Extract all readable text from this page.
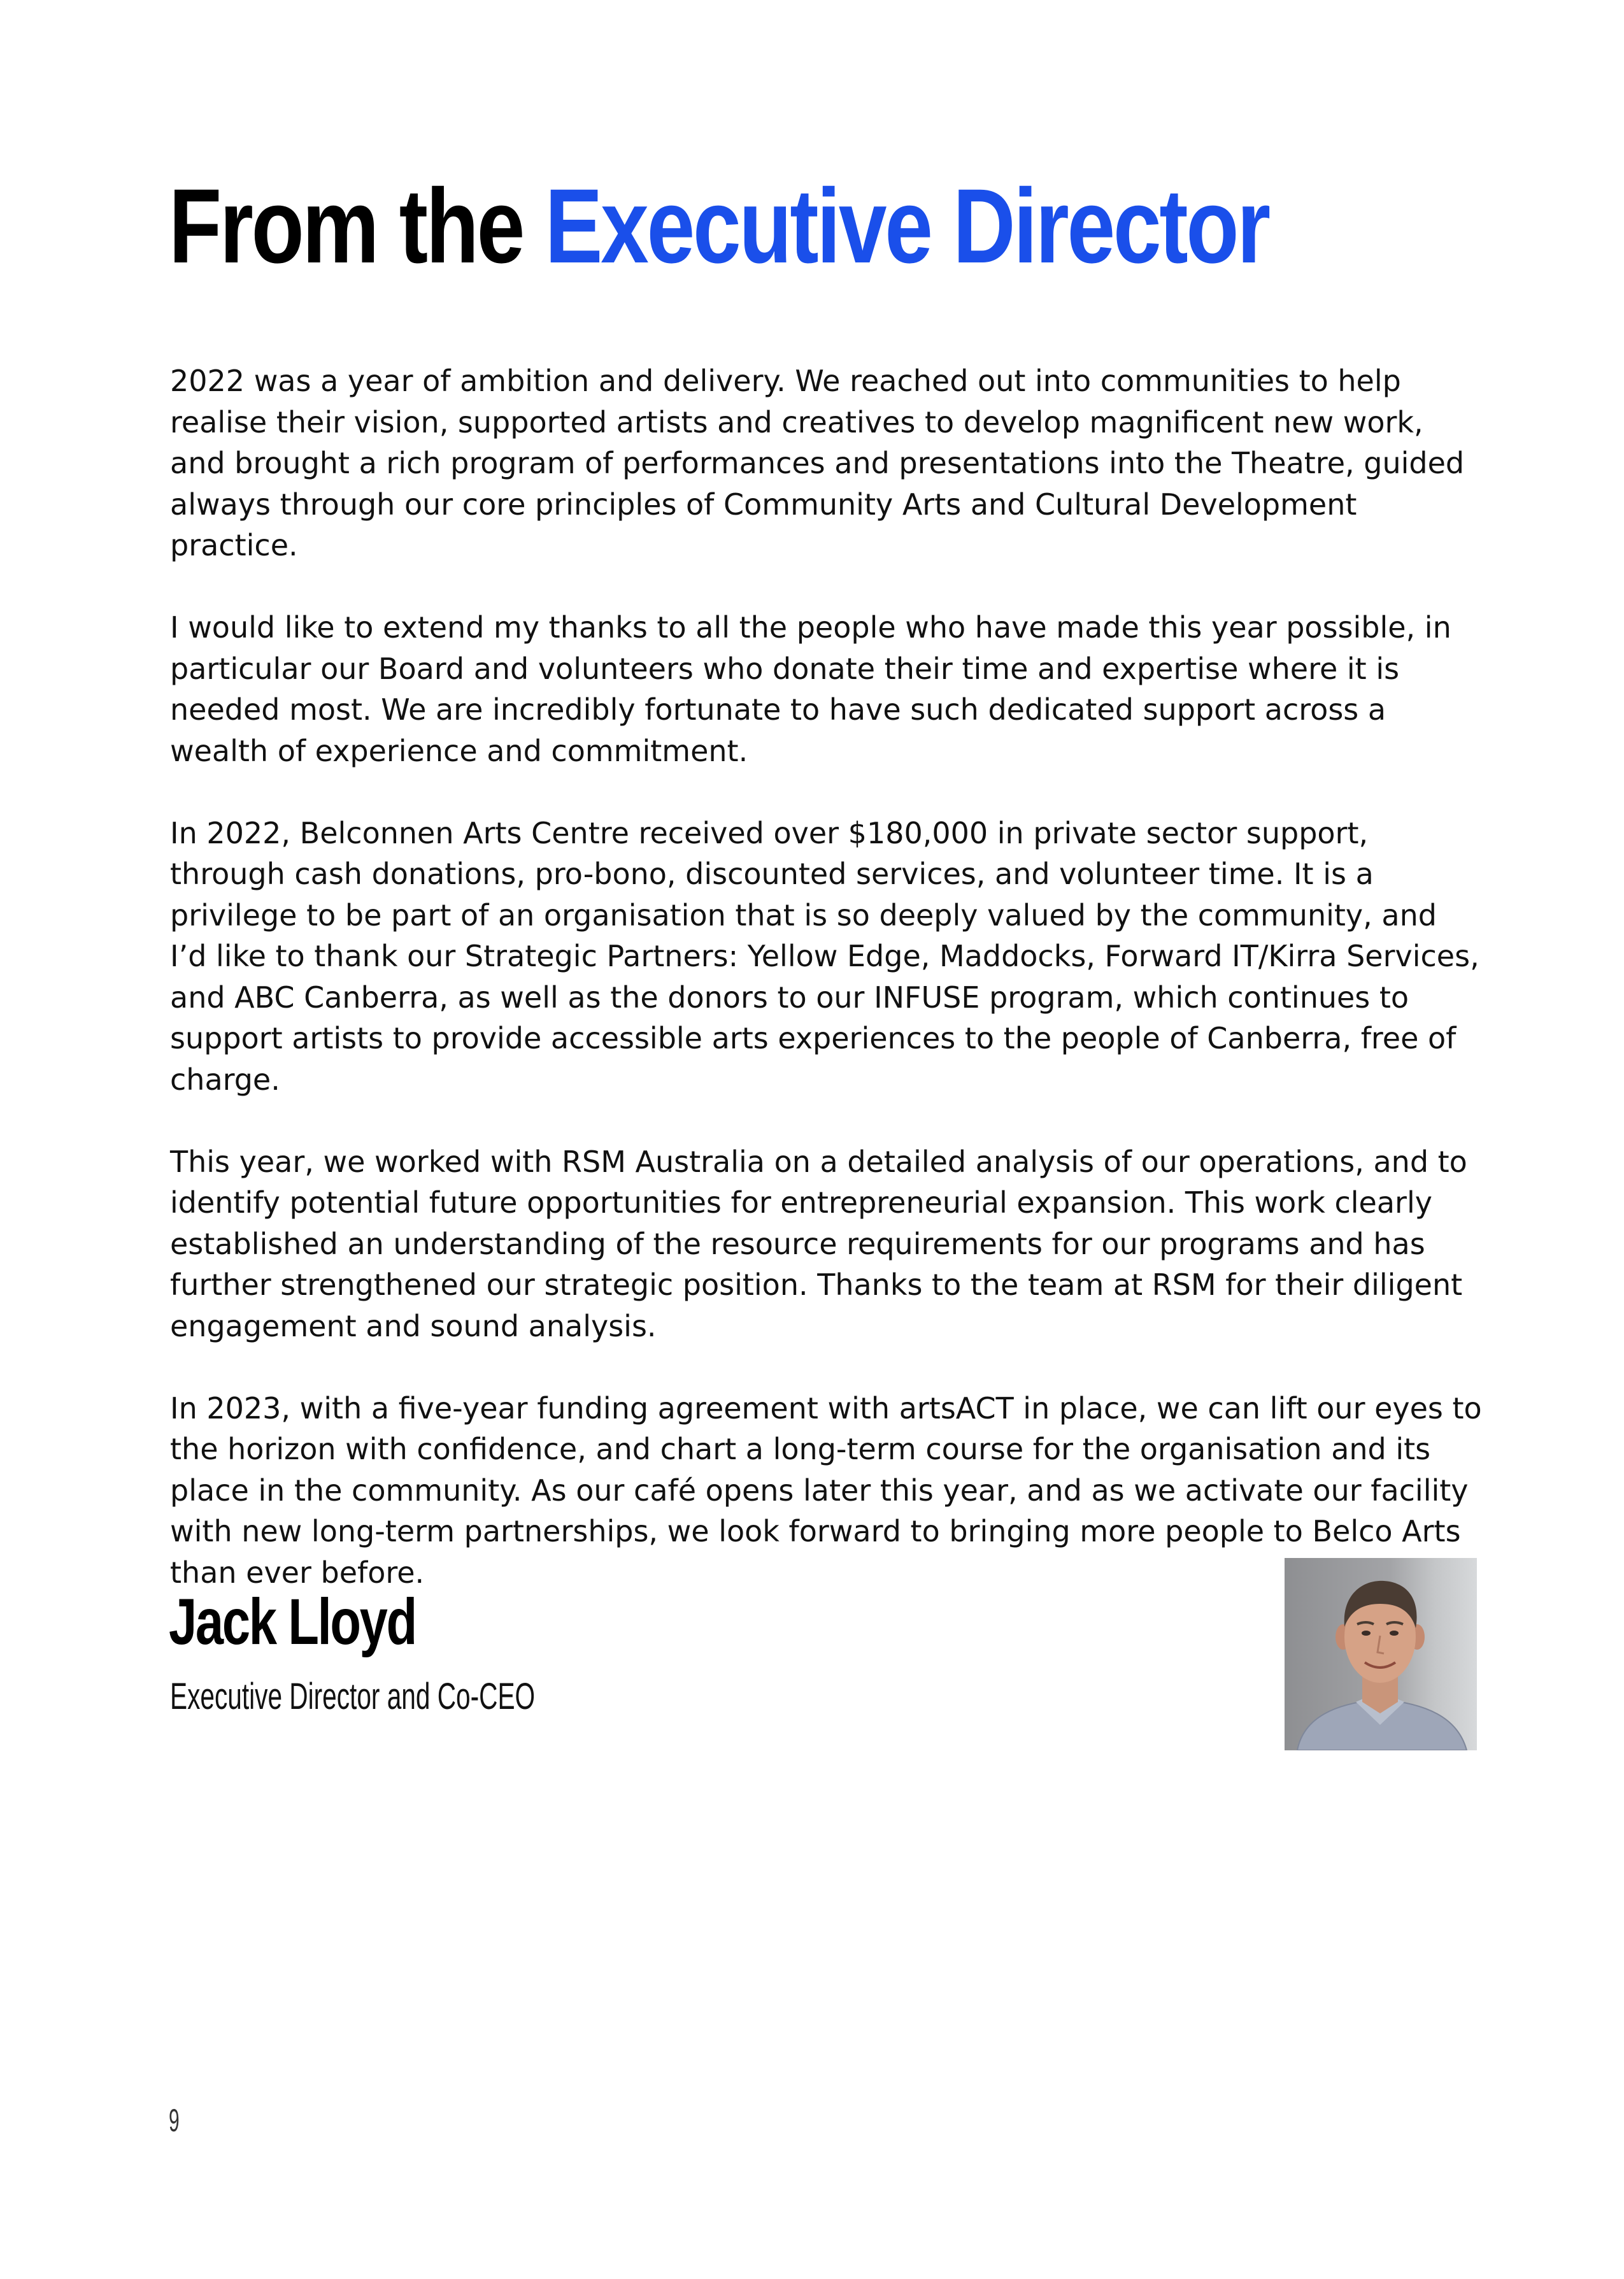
From the Executive Director

2022 was a year of ambition and delivery. We reached out into communities to help realise their vision, supported artists and creatives to develop magnificent new work, and brought a rich program of performances and presentations into the Theatre, guided always through our core principles of Community Arts and Cultural Development practice.

I would like to extend my thanks to all the people who have made this year possible, in particular our Board and volunteers who donate their time and expertise where it is needed most. We are incredibly fortunate to have such dedicated support across a wealth of experience and commitment.

In 2022, Belconnen Arts Centre received over $180,000 in private sector support, through cash donations, pro-bono, discounted services, and volunteer time. It is a privilege to be part of an organisation that is so deeply valued by the community, and I’d like to thank our Strategic Partners: Yellow Edge, Maddocks, Forward IT/Kirra Services, and ABC Canberra, as well as the donors to our INFUSE program, which continues to support artists to provide accessible arts experiences to the people of Canberra, free of charge.

This year, we worked with RSM Australia on a detailed analysis of our operations, and to identify potential future opportunities for entrepreneurial expansion. This work clearly established an understanding of the resource requirements for our programs and has further strengthened our strategic position. Thanks to the team at RSM for their diligent engagement and sound analysis.

In 2023, with a five-year funding agreement with artsACT in place, we can lift our eyes to the horizon with confidence, and chart a long-term course for the organisation and its place in the community. As our café opens later this year, and as we activate our facility with new long-term partnerships, we look forward to bringing more people to Belco Arts than ever before.

Jack Lloyd

Executive Director and Co-CEO

9
